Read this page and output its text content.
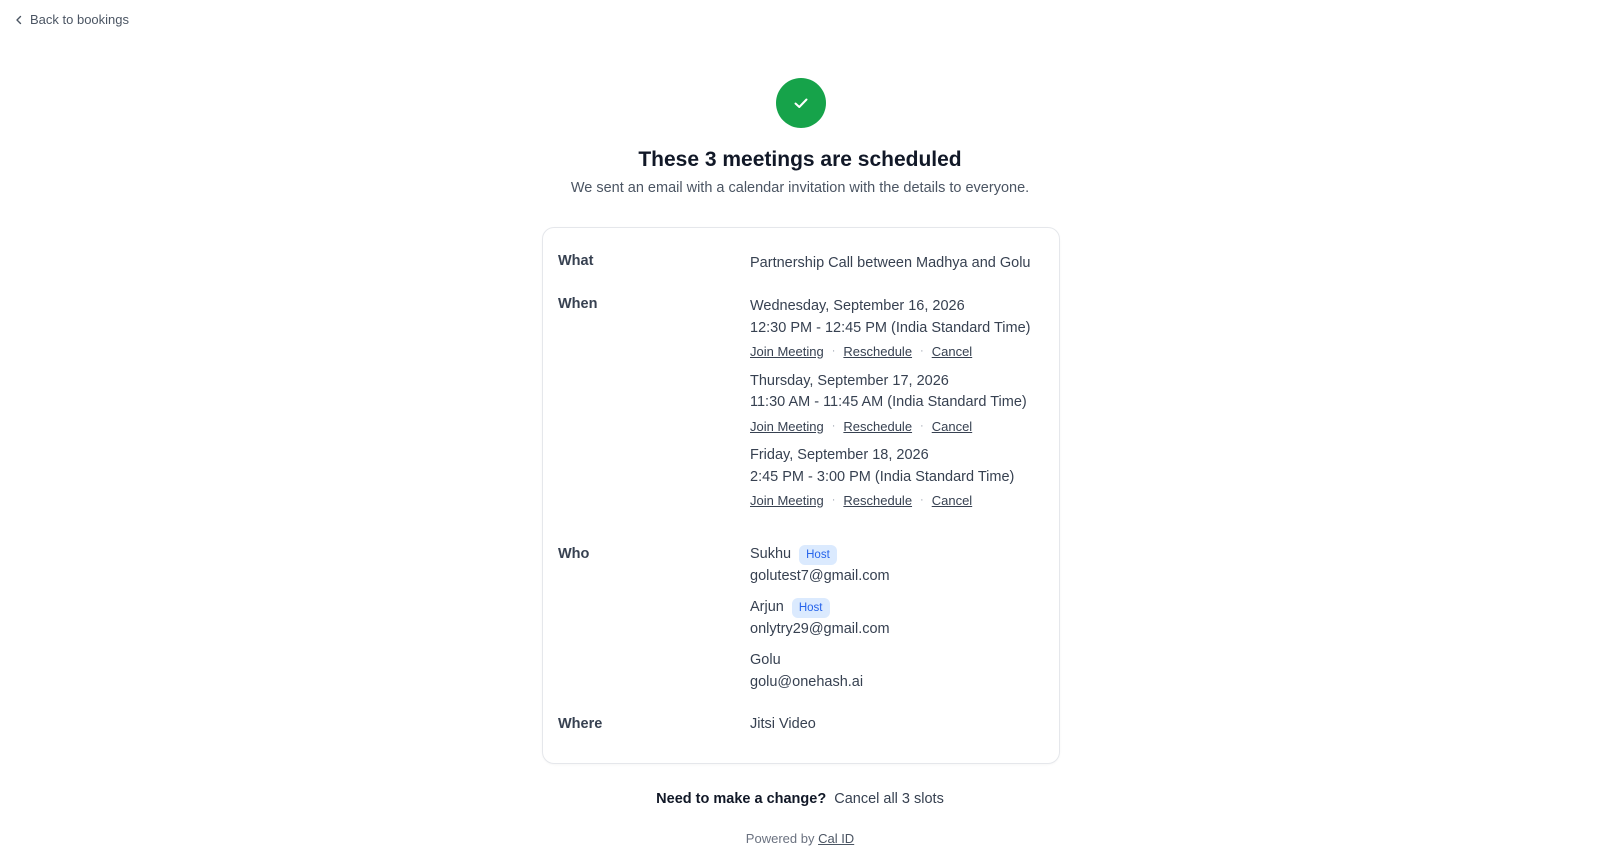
Back to bookings
These 3 meetings are scheduled
We sent an email with a calendar invitation with the details to everyone.
What	Partnership Call between Madhya and Golu
When	Wednesday, September 16, 2026
12:30 PM - 12:45 PM (India Standard Time)
Join Meeting · Reschedule · Cancel
Thursday, September 17, 2026
11:30 AM - 11:45 AM (India Standard Time)
Join Meeting · Reschedule · Cancel
Friday, September 18, 2026
2:45 PM - 3:00 PM (India Standard Time)
Join Meeting · Reschedule · Cancel
Who	Sukhu	Host
golutest7@gmail.com
Arjun	Host
onlytry29@gmail.com
Golu
golu@onehash.ai
Where	Jitsi Video
Need to make a change? Cancel all 3 slots
Powered by Cal ID
